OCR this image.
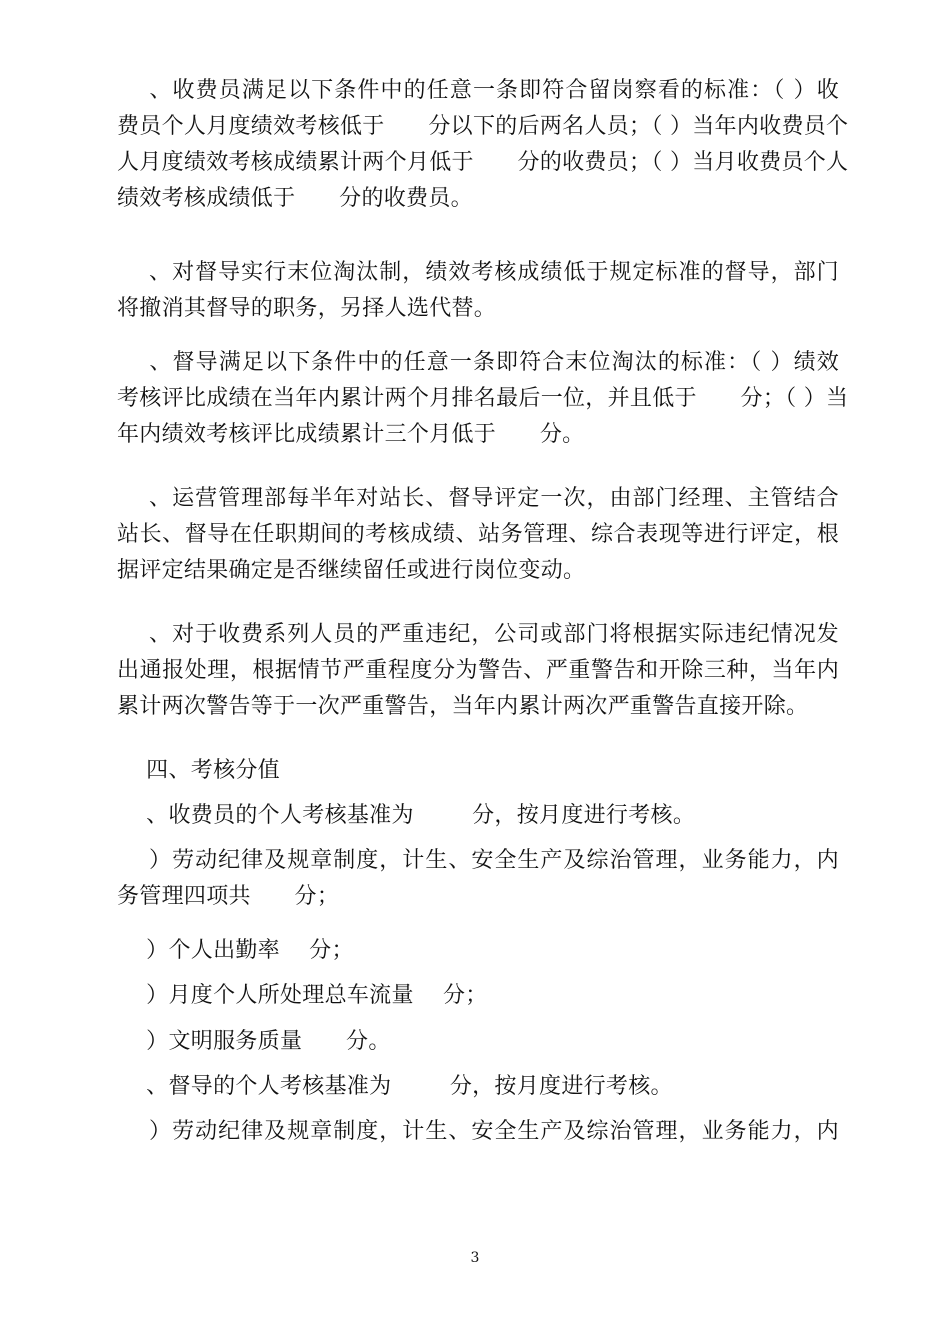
、收费员满足以下条件中的任意一条即符合留岗察看的标准：（ ）收
费员个人月度绩效考核低于      分以下的后两名人员；（ ）当年内收费员个
人月度绩效考核成绩累计两个月低于      分的收费员；（ ）当月收费员个人
绩效考核成绩低于      分的收费员。

、对督导实行末位淘汰制，绩效考核成绩低于规定标准的督导，部门
将撤消其督导的职务，另择人选代替。

、督导满足以下条件中的任意一条即符合末位淘汰的标准：（ ）绩效
考核评比成绩在当年内累计两个月排名最后一位，并且低于      分；（ ）当
年内绩效考核评比成绩累计三个月低于      分。

、运营管理部每半年对站长、督导评定一次，由部门经理、主管结合
站长、督导在任职期间的考核成绩、站务管理、综合表现等进行评定，根
据评定结果确定是否继续留任或进行岗位变动。

、对于收费系列人员的严重违纪，公司或部门将根据实际违纪情况发
出通报处理，根据情节严重程度分为警告、严重警告和开除三种，当年内
累计两次警告等于一次严重警告，当年内累计两次严重警告直接开除。

四、考核分值

、收费员的个人考核基准为        分，按月度进行考核。

）劳动纪律及规章制度，计生、安全生产及综治管理，业务能力，内
务管理四项共      分；

）个人出勤率    分；

）月度个人所处理总车流量    分；

）文明服务质量      分。

、督导的个人考核基准为        分，按月度进行考核。

）劳动纪律及规章制度，计生、安全生产及综治管理，业务能力，内

3
